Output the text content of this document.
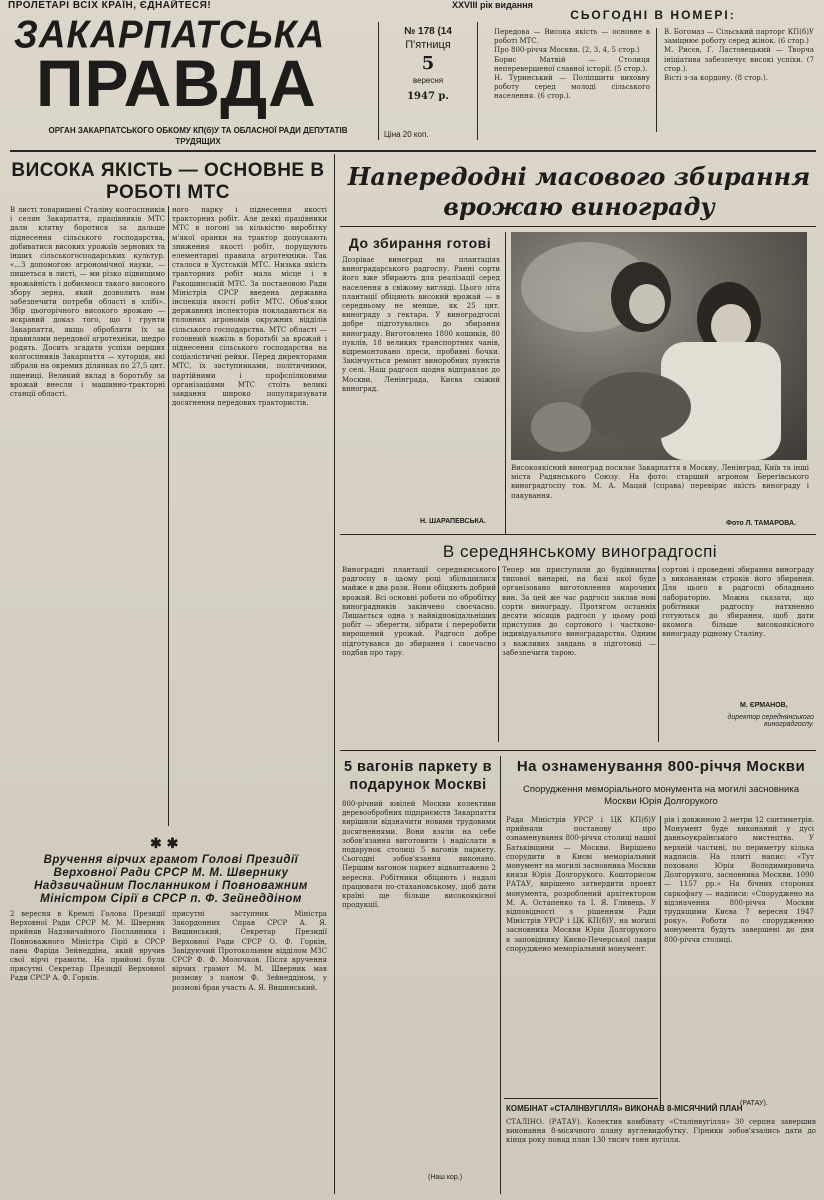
ПРОЛЕТАРІ ВСІХ КРАЇН, ЄДНАЙТЕСЯ!	XXVIII рік видання
ЗАКАРПАТСЬКА
ПРАВДА
ОРГАН ЗАКАРПАТСЬКОГО ОБКОМУ КП(б)У ТА ОБЛАСНОЇ РАДИ ДЕПУТАТІВ ТРУДЯЩИХ
№ 178 (14
П'ятниця
5
вересня
1947 р.
Ціна 20 коп.
СЬОГОДНІ В НОМЕРІ:
Передова — Висока якість — основне в роботі МТС.
Про 800-річчя Москви. (2, 3, 4, 5 стор.)
Борис Матвій — Столиця неперевершеної славної історії. (5 стор.).
Н. Туринський — Поліпшити виховну роботу серед молоді сільського населення. (6 стор.).
В. Богомаз — Сільський парторг КП(б)У заміцнює роботу серед жінок. (6 стор.)
М. Рисєв, Г. Ластовецький — Творча ініціатива забезпечує високі успіхи. (7 стор.).
Вісті з-за кордону. (8 стор.).
ВИСОКА ЯКІСТЬ — ОСНОВНЕ В РОБОТІ МТС
В листі товаришеві Сталіну колгоспників і селян Закарпаття, працівників МТС дали клятву боротися за дальше піднесення сільського господарства, добиватися високих урожаїв зернових та інших сільськогосподарських культур. «...З допомогою агрономічної науки, — пишеться в листі, — ми різко підвищимо врожайність і добиємося такого високого збору зерна, який дозволить нам забезпечити потреби області в хлібі». Збір цьогорічного високого врожаю — яскравий доказ того, що і грунти Закарпаття, якщо обробляти їх за правилами передової агротехніки, щедро родять. Досить згадати успіхи перших колгоспників Закарпаття — хуторців, які зібрали на окремих ділянках по 27,5 цнт. пшениці. Великий вклад в боротьбу за врожай внесли і машинно-тракторні станції області.
ного парку і піднесення якості тракторних робіт. Але деякі працівники МТС в погоні за кількістю виробітку м'якої оранки на трактор допускають зниження якості робіт, порушують елементарні правила агротехніки. Так сталося в Хустській МТС. Низька якість тракторних робіт мала місце і в Ракошинській МТС. За постановою Ради Міністрів СРСР введена державна інспекція якості робіт МТС. Обов'язки державних інспекторів покладаються на головних агрономів окружних відділів сільського господарства. МТС області — головний важіль в боротьбі за врожай і піднесення сільського господарства на соціалістичні рейки. Перед директорами МТС, їх заступниками, політичними, партійними і профспілковими організаціями МТС стоїть великі завдання широко популяризувати досягнення передових трактористів.
✱ ✱
Вручення вірчих грамот Голові Президії Верховної Ради СРСР М. М. Швернику Надзвичайним Посланником і Повноважним Міністром Сірії в СРСР п. Ф. Зейнеддіном
2 вересня в Кремлі Голова Президії Верховної Ради СРСР М. М. Шверник прийняв Надзвичайного Посланника і Повноважного Міністра Сірії в СРСР пана Фаріда Зейнеддіна, який вручив свої вірчі грамоти. На прийомі були присутні Секретар Президії Верховної Ради СРСР А. Ф. Горкін.
присутні заступник Міністра Закордонних Справ СРСР А. Я. Вишинський, Секретар Президії Верховної Ради СРСР О. Ф. Горкін, Завідуючий Протокольним відділом МЗС СРСР Ф. Ф. Молочков. Після вручення вірчих грамот М. М. Шверник мав розмову з паном Ф. Зейнеддіном, у розмові брав участь А. Я. Вишинський.
Напередодні масового збирання врожаю винограду
До збирання готові
Дозріває виноград на плантаціях виноградарського радгоспу. Ранні сорти його вже збирають для реалізації серед населення в свіжому вигляді. Цього літа плантації обіцяють високий врожай — в середньому не менше, як 25 цнт. винограду з гектара. У виноградгоспі добре підготувались до збирання винограду. Виготовлено 1800 кошиків, 80 пуклів, 18 великих транспортних чанів, відремонтовано преси, пробивні бочки. Закінчується ремонт виноробних пунктів у селі. Наш радгосп щодня відправляє до Москви, Ленінграда, Києва свіжий виноград.
Н. ШАРАПЕВСЬКА.
Високоякісний виноград посилає Закарпаття в Москву, Ленінград, Київ та інші міста Радянського Союзу. На фото: старший агроном Берегівського виноградгоспу тов. М. А. Мацай (справа) перевіряє якість винограду і пакування.
Фото Л. ТАМАРОВА.
В середнянському виноградгоспі
Виноградні плантації середнянського радгоспу в цьому році збільшилися майже в два рази. Вони обіцяють добрий врожай. Всі основні роботи по обробітку виноградників закінчено своєчасно. Лишається одна з найвідповідальніших робіт — зберегти, зібрати і переробити вирощений урожай. Радгосп добре підготувався до збирання і своєчасно подбав про тару.
Тепер ми приступили до будівництва типової винарні, на базі якої буде організовано виготовлення марочних вин. За цей же час радгосп заклав нові сорти винограду. Протягом останніх десяти місяців радгосп у цьому році приступив до сортового і частково-індивідуального виноградарства. Одним з важливих завдань в підготовці — забезпечити тарою.
сортові і проведені збирання винограду з виконанням строків його збирання. Для цього в радгоспі обладнано лабораторію. Можна сказати, що робітники радгоспу натхненно готуються до збирання, щоб дати якомога більше високоякісного винограду рідному Сталіну.
М. ЄРМАНОВ,
директор середнянського виноградгоспу.
5 вагонів паркету в подарунок Москві
800-річний ювілей Москви колективи деревообробних підприємств Закарпаття вирішили відзначити новими трудовими досягненнями. Вони взяли на себе зобов'язання виготовити і надіслати в подарунок столиці 5 вагонів паркету. Сьогодні зобов'язання виконано. Першим вагоном паркет відвантажено 2 вересня. Робітники обіцяють і надалі працювати по-стахановському, щоб дати країні ще більше високоякісної продукції.
(Наш кор.)
На ознаменування 800-річчя Москви
Спорудження меморіального монумента на могилі засновника Москви Юрія Долгорукого
Рада Міністрів УРСР і ЦК КП(б)У прийняли постанову про ознаменування 800-річчя столиці нашої Батьківщини — Москви. Вирішено спорудити в Києві меморіальний монумент на могилі засновника Москви князя Юрія Долгорукого. Кошторисом РАТАУ, вирішено затвердити проект монумента, розроблений архітектором М. А. Остапенко та І. Я. Гливець. У відповідності з рішенням Ради Міністрів УРСР і ЦК КП(б)У, на могилі засновника Москви Юрія Долгорукого в заповіднику Києво-Печерської лаври споруджено меморіальний монумент.
рів і довжиною 2 метри 12 сантиметрів. Монумент буде виконаний у дусі давньоукраїнського мистецтва. У верхній частині, по периметру кілька надписів. На плиті напис: «Тут поховано Юрія Володимировича Долгорукого, засновника Москви. 1090 — 1157 рр.» На бічних сторонах саркофагу — надписи: «Споруджено на відзначення 800-річчя Москви трудящими Києва 7 вересня 1947 року». Роботи по спорудженню монумента будуть завершені до дня 800-річчя столиці.
(РАТАУ).
КОМБІНАТ «СТАЛІНВУГІЛЛЯ» ВИКОНАВ 8-МІСЯЧНИЙ ПЛАН
СТАЛІНО. (РАТАУ). Колектив комбінату «Сталінвугілля» 30 серпня завершив виконання 8-місячного плану вуглевидобутку. Гірники зобов'язались дати до кінця року понад план 130 тисяч тонн вугілля.
